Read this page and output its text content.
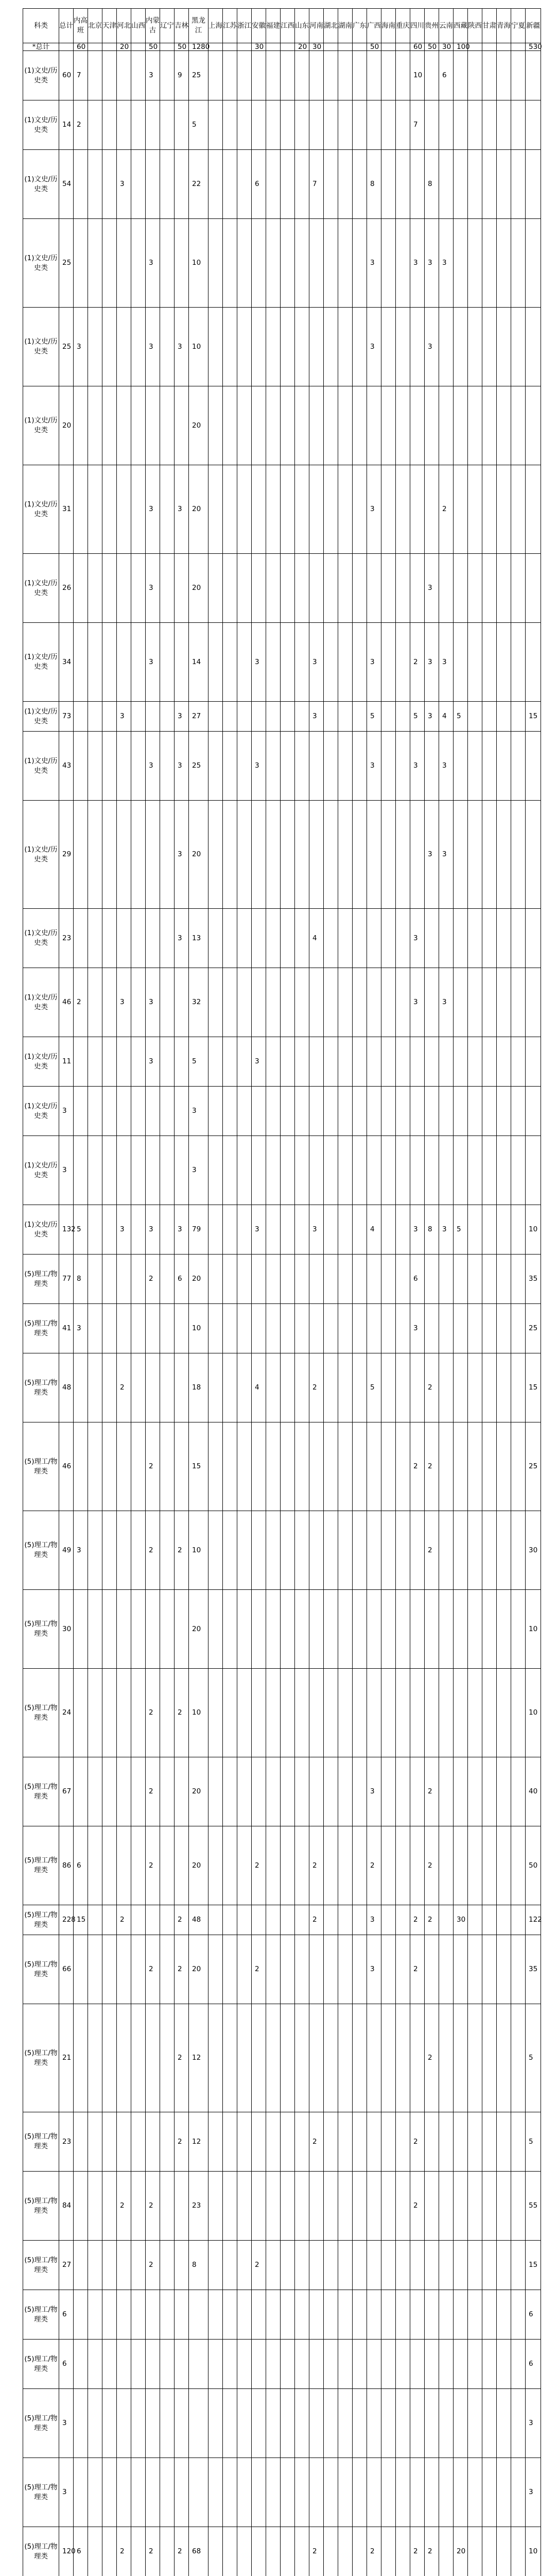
科类		总计	内高班	北京	天津	河北	山西	内蒙古	辽宁	吉林	黑龙江	上海	江苏	浙江	安徽	福建	江西	山东	河南	湖北	湖南	广东	广西	海南	重庆	四川	贵州	云南	西藏	陕西	甘肃	青海	宁夏	新疆
*总计		60			20		50		50	1280				30			20	30				50			60	50	30	100					530
(1)文史/历史类		60	7					3		9	25															10		6						
(1)文史/历史类		14	2								5															7								
(1)文史/历史类		54				3					22				6				7				8				8							
(1)文史/历史类		25						3			10												3			3	3	3						
(1)文史/历史类		25	3					3		3	10												3				3							
(1)文史/历史类		20									20																							
(1)文史/历史类		31						3		3	20												3					2						
(1)文史/历史类		26						3			20																3							
(1)文史/历史类		34						3			14				3				3				3			2	3	3						
(1)文史/历史类		73				3				3	27								3				5			5	3	4	5					15
(1)文史/历史类		43						3		3	25				3								3			3		3						
(1)文史/历史类		29								3	20																3	3						
(1)文史/历史类		23								3	13								4							3								
(1)文史/历史类		46	2			3		3			32															3		3						
(1)文史/历史类		11						3			5				3																			
(1)文史/历史类		3									3																							
(1)文史/历史类		3									3																							
(1)文史/历史类		132	5			3		3		3	79				3				3				4			3	8	3	5					10
(5)理工/物理类		77	8					2		6	20															6								35
(5)理工/物理类		41	3								10															3								25
(5)理工/物理类		48				2					18				4				2				5				2							15
(5)理工/物理类		46						2			15															2	2							25
(5)理工/物理类		49	3					2		2	10																2							30
(5)理工/物理类		30									20																							10
(5)理工/物理类		24						2		2	10																							10
(5)理工/物理类		67						2			20												3				2							40
(5)理工/物理类		86	6					2			20				2				2				2				2							50
(5)理工/物理类		228	15			2				2	48								2				3			2	2		30					122
(5)理工/物理类		66						2		2	20				2								3			2								35
(5)理工/物理类		21								2	12																2							5
(5)理工/物理类		23								2	12								2							2								5
(5)理工/物理类		84				2		2			23															2								55
(5)理工/物理类		27						2			8				2																			15
(5)理工/物理类		6																																6
(5)理工/物理类		6																																6
(5)理工/物理类		3																																3
(5)理工/物理类		3																																3
(5)理工/物理类		120	6			2		2		2	68								2				2			2	2		20					10
